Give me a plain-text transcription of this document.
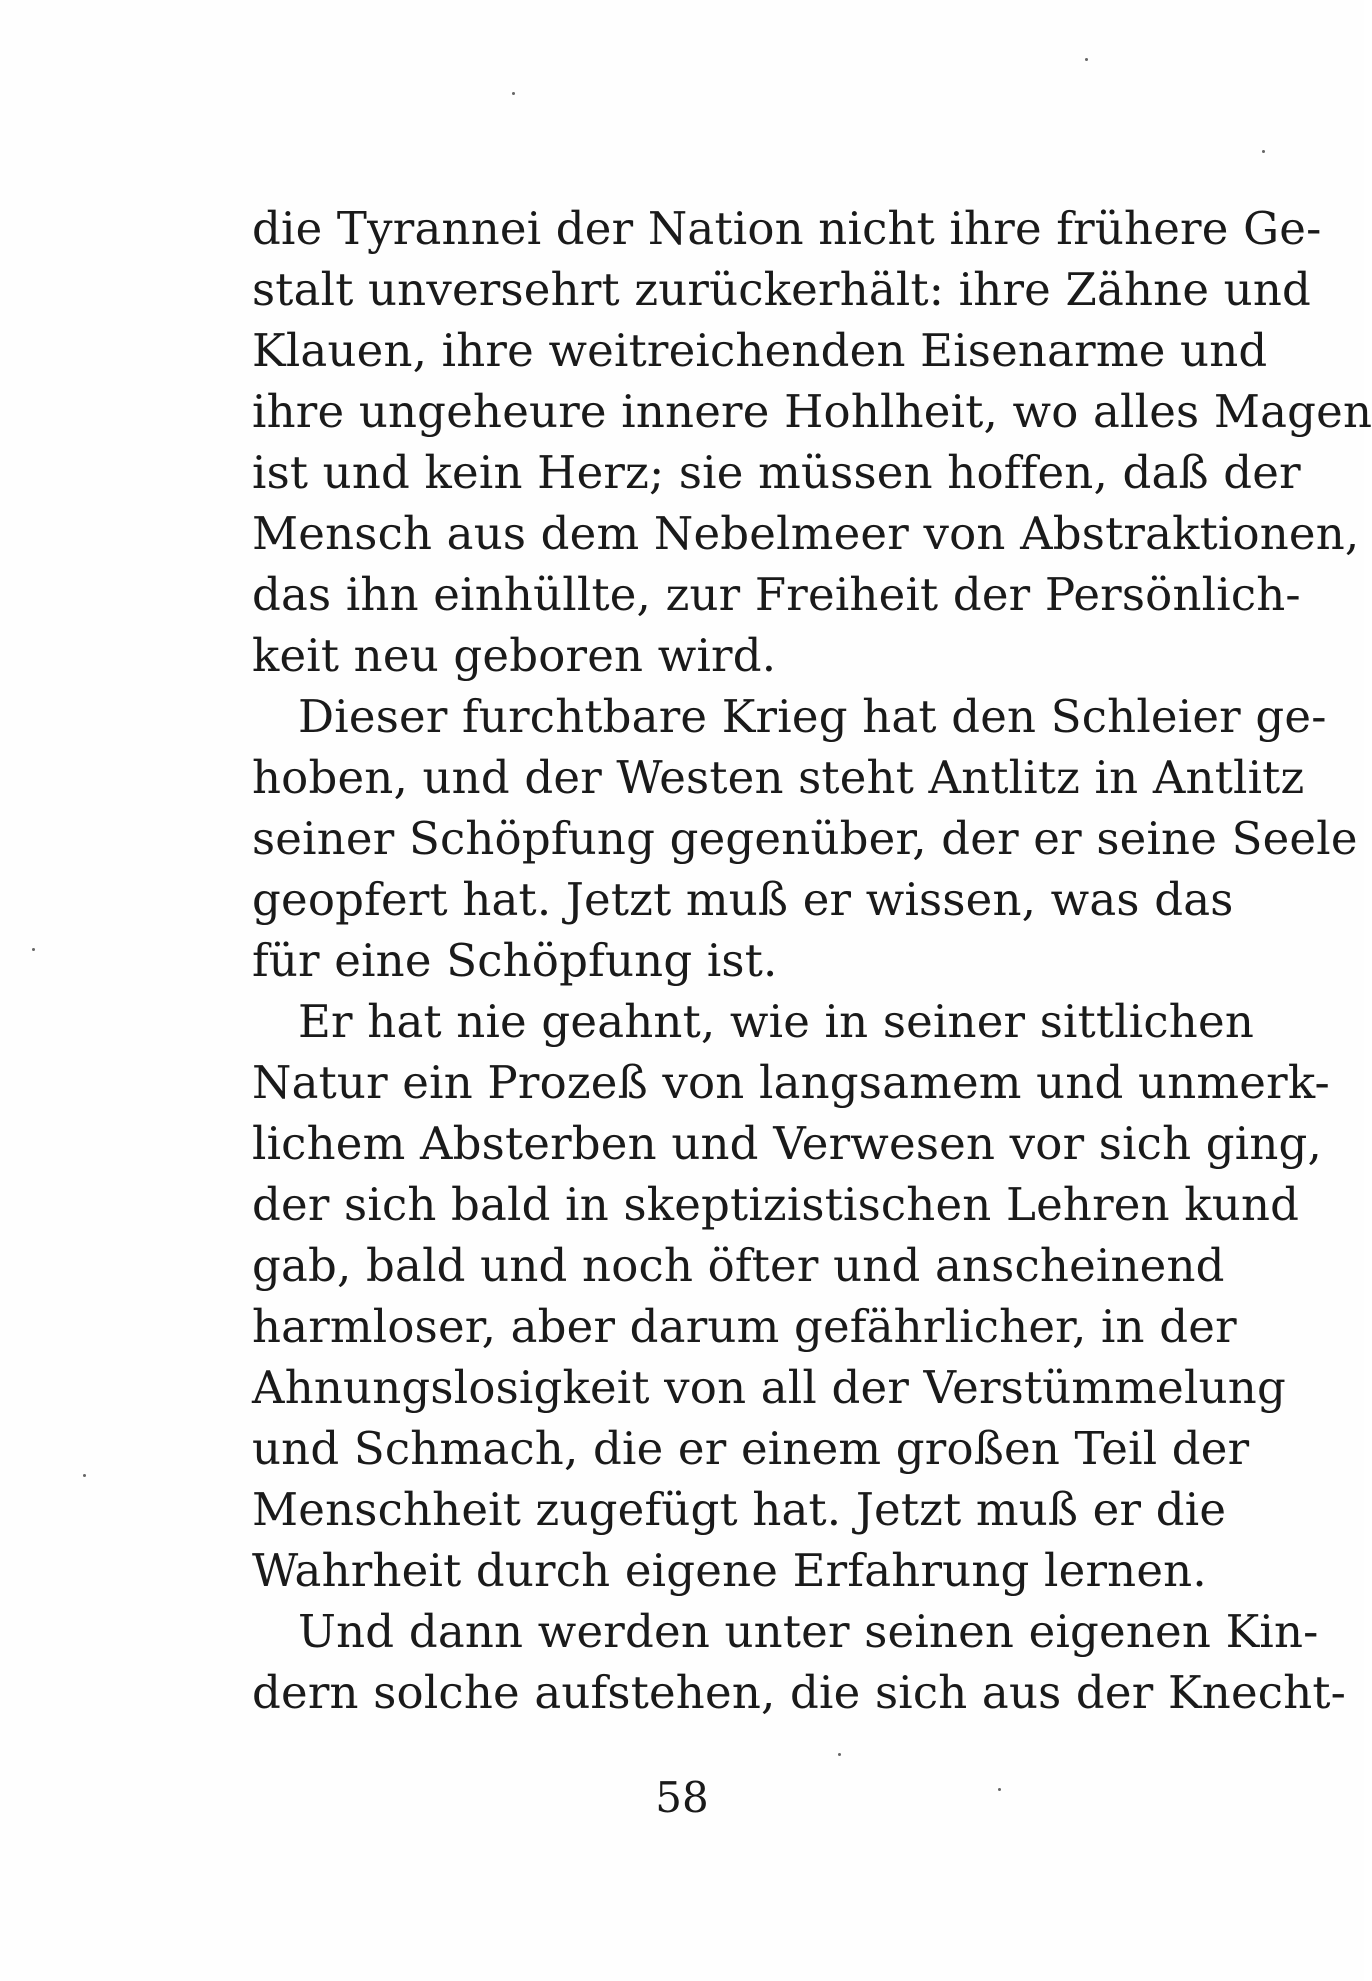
die Tyrannei der Nation nicht ihre frühere Ge-
stalt unversehrt zurückerhält: ihre Zähne und
Klauen, ihre weitreichenden Eisenarme und
ihre ungeheure innere Hohlheit, wo alles Magen
ist und kein Herz; sie müssen hoffen, daß der
Mensch aus dem Nebelmeer von Abstraktionen,
das ihn einhüllte, zur Freiheit der Persönlich-
keit neu geboren wird.
Dieser furchtbare Krieg hat den Schleier ge-
hoben, und der Westen steht Antlitz in Antlitz
seiner Schöpfung gegenüber, der er seine Seele
geopfert hat. Jetzt muß er wissen, was das
für eine Schöpfung ist.
Er hat nie geahnt, wie in seiner sittlichen
Natur ein Prozeß von langsamem und unmerk-
lichem Absterben und Verwesen vor sich ging,
der sich bald in skeptizistischen Lehren kund
gab, bald und noch öfter und anscheinend
harmloser, aber darum gefährlicher, in der
Ahnungslosigkeit von all der Verstümmelung
und Schmach, die er einem großen Teil der
Menschheit zugefügt hat. Jetzt muß er die
Wahrheit durch eigene Erfahrung lernen.
Und dann werden unter seinen eigenen Kin-
dern solche aufstehen, die sich aus der Knecht-
58
